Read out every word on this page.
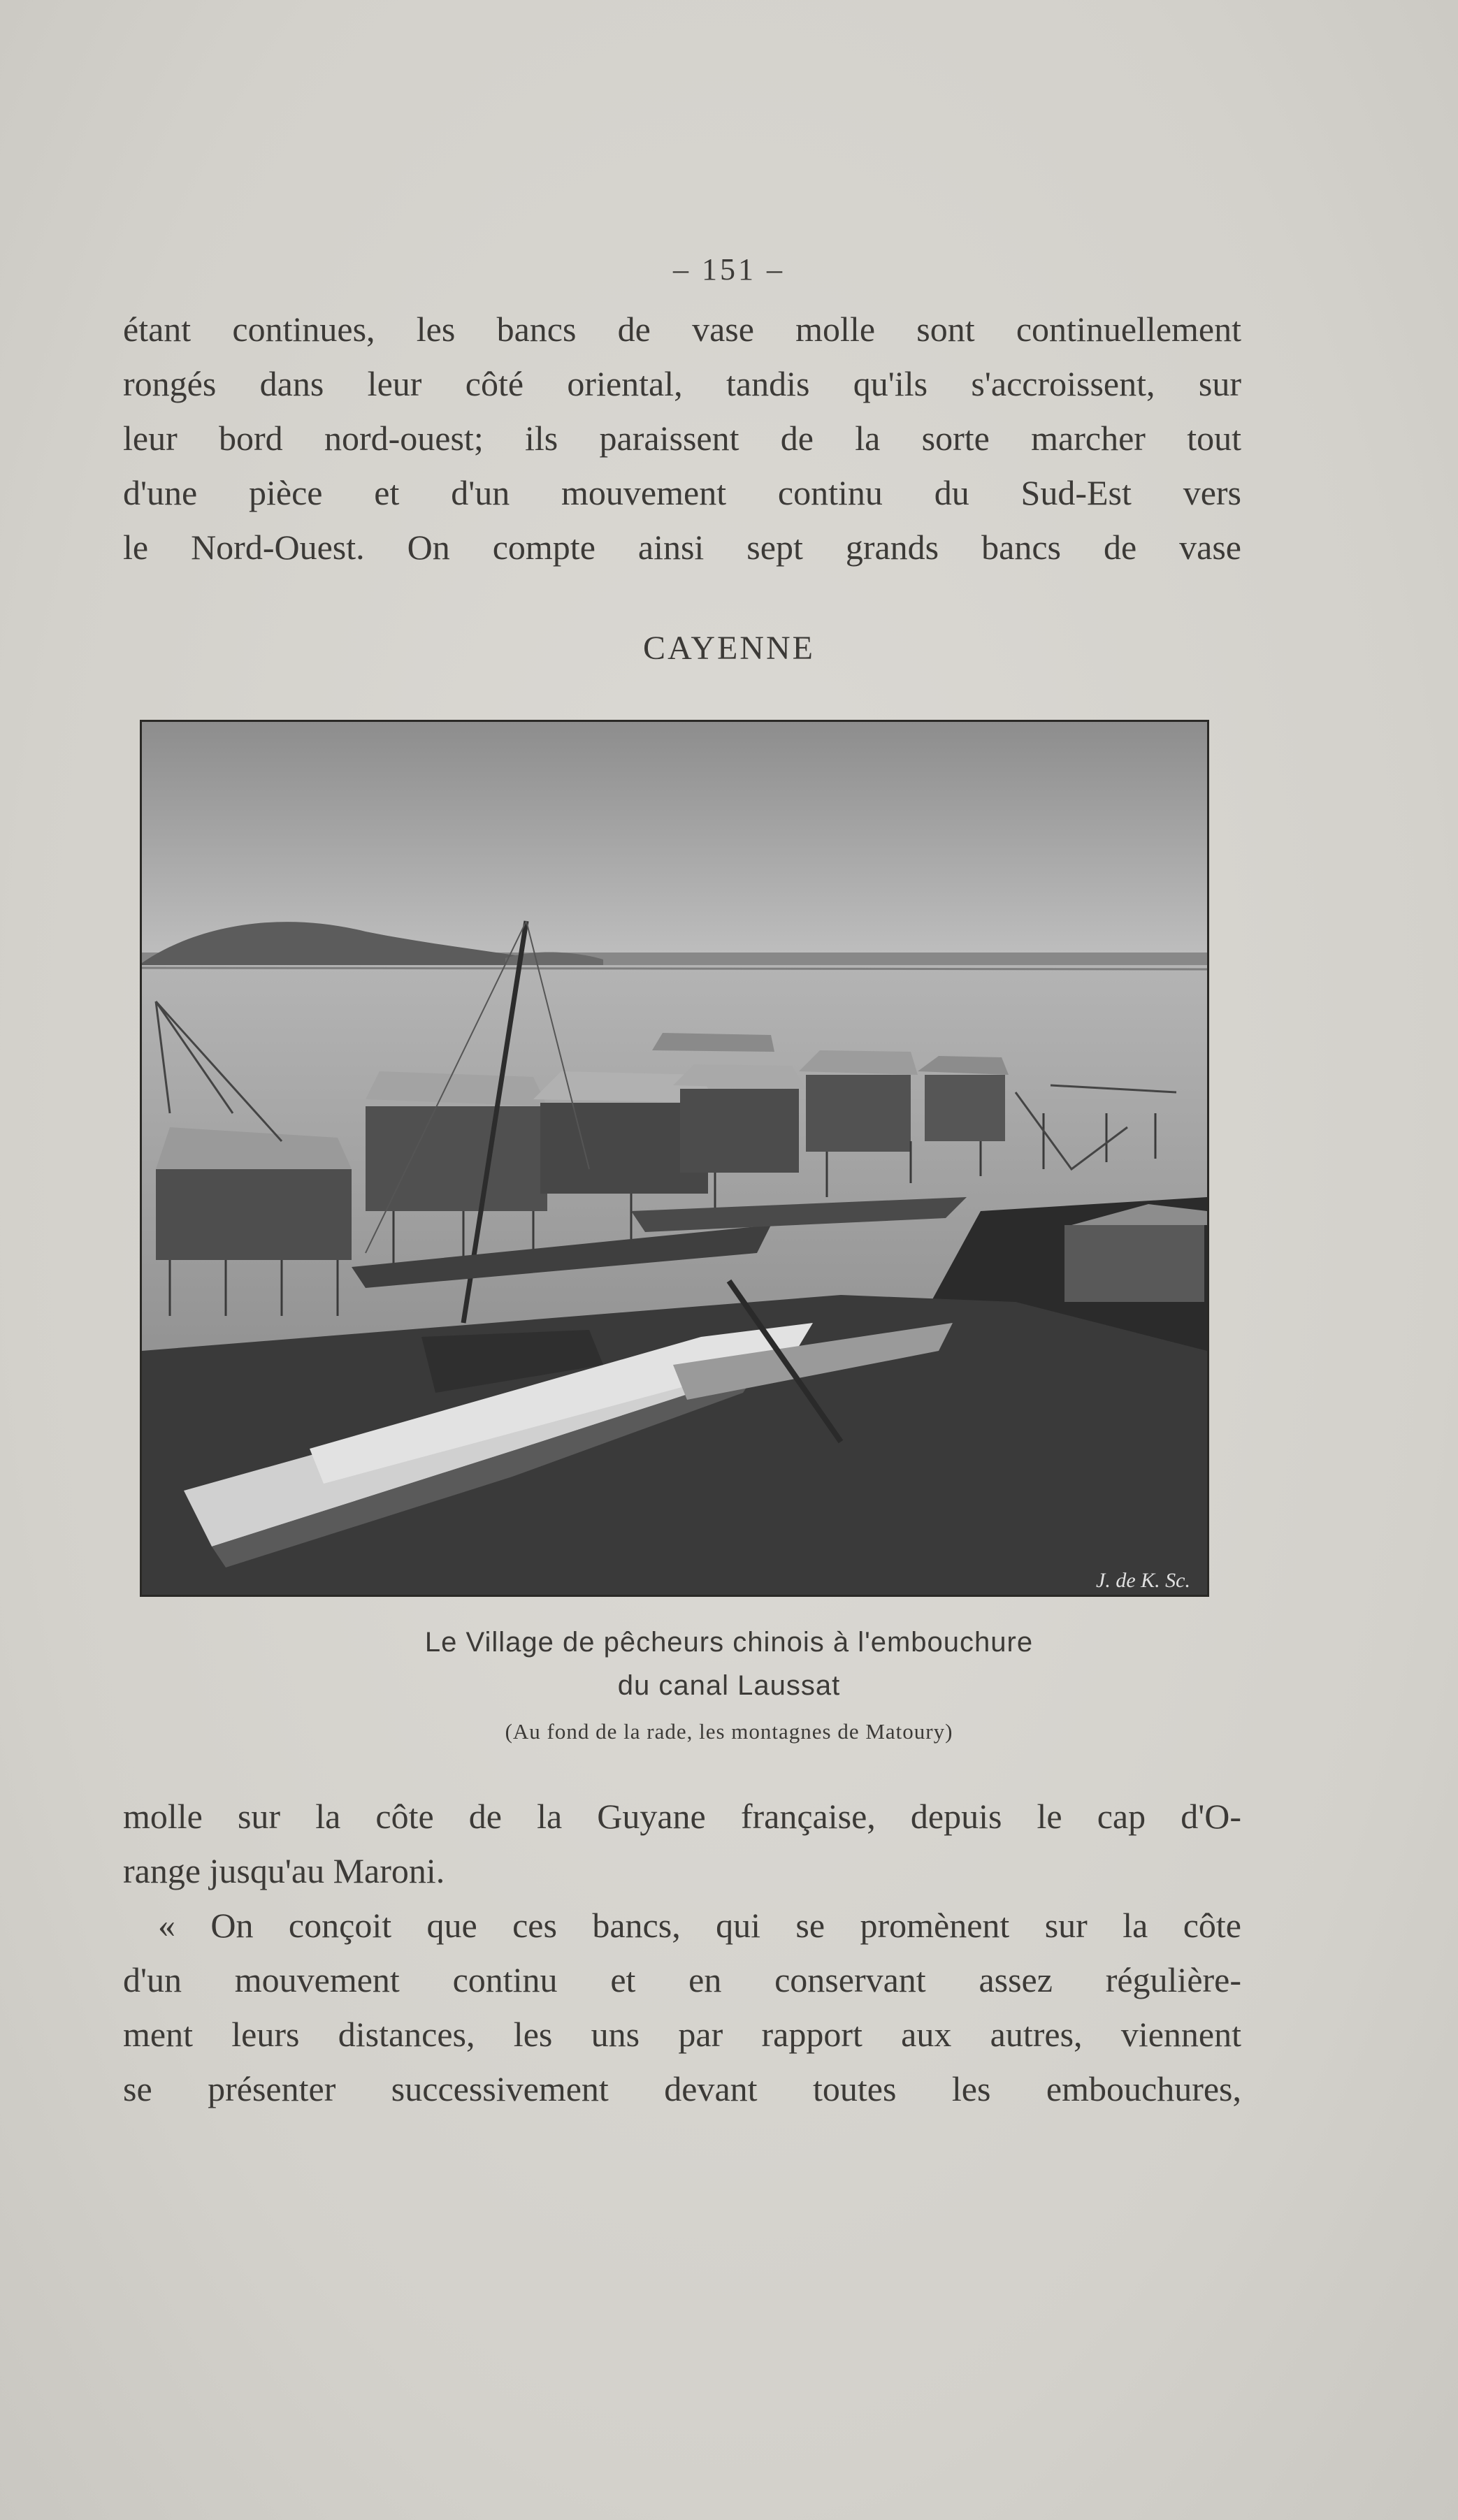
– 151 –
étant continues, les bancs de vase molle sont continuellement
rongés dans leur côté oriental, tandis qu'ils s'accroissent, sur
leur bord nord-ouest; ils paraissent de la sorte marcher tout
d'une pièce et d'un mouvement continu du Sud-Est vers
le Nord-Ouest. On compte ainsi sept grands bancs de vase
CAYENNE
J. de K. Sc.
Le Village de pêcheurs chinois à l'embouchure
du canal Laussat
(Au fond de la rade, les montagnes de Matoury)
molle sur la côte de la Guyane française, depuis le cap d'O-
range jusqu'au Maroni.
« On conçoit que ces bancs, qui se promènent sur la côte
d'un mouvement continu et en conservant assez régulière-
ment leurs distances, les uns par rapport aux autres, viennent
se présenter successivement devant toutes les embouchures,
